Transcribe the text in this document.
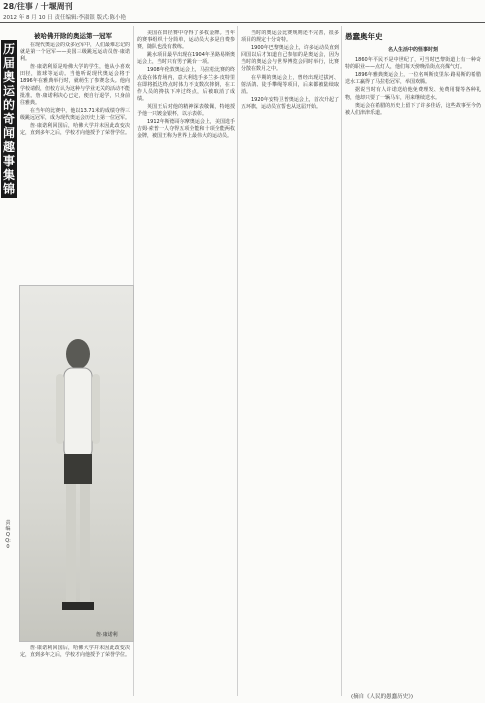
28/往事 / 十堰周刊
2012 年 8 月 10 日 责任编辑:李淑银 版式:陈小艳
历
届
奥
运
的
奇
闻
趣
事
集
锦
责编QQ:0
被哈佛开除的奥运第一冠军	愚蠢奥年史

在现代奥运会的众多冠军中，人们最难忘记的就是第一个冠军——美国三级跳远运动员詹·康诺利。

詹·康诺利原是哈佛大学的学生，他从小喜欢田径，篮球等运动。当他听说现代奥运会将于1896年在雅典举行时，就萌生了参赛念头。他向学校请假，但校方认为这种与学业无关的活动不能批准。詹·康诺利决心已定，便自行退学，只身前往雅典。

在当年的比赛中，他以13.71米的成绩夺得三级跳远冠军，成为现代奥运会历史上第一位冠军。

詹·康诺利回国后，哈佛大学并未因此改变决定，直到多年之后，学校才向他授予了荣誉学位。

詹·康诺利

詹·康诺利回国后，哈佛大学并未因此改变决定，直到多年之后，学校才向他授予了荣誉学位。

美国在田径赛中夺得了多枚金牌。当年的赛事组织十分简单，运动员大多是自费参赛，随队也没有教练。

跳水项目最早出现在1904年圣路易斯奥运会上，当时只有男子跳台一项。

1908年伦敦奥运会上，马拉松比赛的终点设在体育场内，意大利选手多兰多·皮特里在即将抵达终点时体力不支数次摔倒，在工作人员的搀扶下冲过终点，后被取消了成绩。

英国王后对他的精神深表敬佩，特地授予他一只镀金银杯，以示表彰。

1912年斯德哥尔摩奥运会上，美国选手吉姆·索普一人夺得五项全能和十项全能两枚金牌，被国王称为世界上最伟大的运动员。

当时的奥运会比赛规则还不完善，很多项目的规定十分奇特。

1900年巴黎奥运会上，许多运动员直到回国以后才知道自己参加的是奥运会，因为当时的奥运会与世界博览会同时举行，比赛分散在数月之中。

在早期的奥运会上，曾经出现过拔河、射活鸽、徒手攀绳等项目，后来都被陆续取消。

1920年安特卫普奥运会上，首次升起了五环旗，运动员宣誓也从这届开始。

名人生活中的怪事时刻

1860年平民不是中世纪了，可当时巴黎街道上有一种奇特的职业——点灯人，他们每天傍晚沿街点亮煤气灯。

1896年雅典奥运会上，一位名叫斯皮里东·路易斯的希腊送水工赢得了马拉松冠军，举国欢腾。

据说当时有人许诺送给他免费理发、免费用餐等各种礼物，他却只要了一辆马车，用来继续送水。

奥运会在希腊的历史上留下了许多佳话，这些故事至今仍被人们津津乐道。

(摘自《人民的愚蠢历史》)
